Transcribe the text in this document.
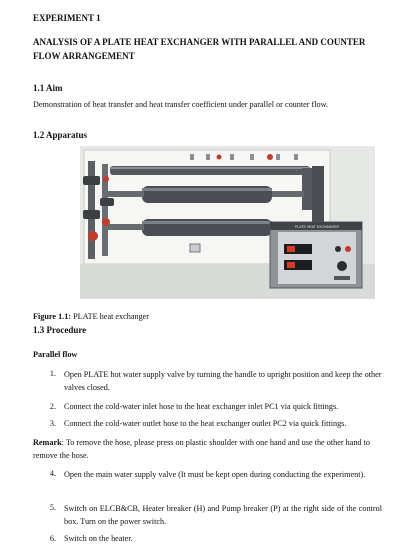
EXPERIMENT 1
ANALYSIS OF A PLATE HEAT EXCHANGER WITH PARALLEL AND COUNTER FLOW ARRANGEMENT
1.1 Aim
Demonstration of heat transfer and heat transfer coefficient under parallel or counter flow.
1.2 Apparatus
PLATE HEAT EXCHANGER
Figure 1.1: PLATE heat exchanger
1.3 Procedure
Parallel flow
1. Open PLATE hot water supply valve by turning the handle to upright position and keep the other valves closed.
2. Connect the cold-water inlet hose to the heat exchanger inlet PC1 via quick fittings.
3. Connect the cold-water outlet hose to the heat exchanger outlet PC2 via quick fittings.
Remark: To remove the hose, please press on plastic shoulder with one hand and use the other hand to remove the hose.
4. Open the main water supply valve (It must be kept open during conducting the experiment).
5. Switch on ELCB&CB, Heater breaker (H) and Pump breaker (P) at the right side of the control box. Turn on the power switch.
6. Switch on the heater.
